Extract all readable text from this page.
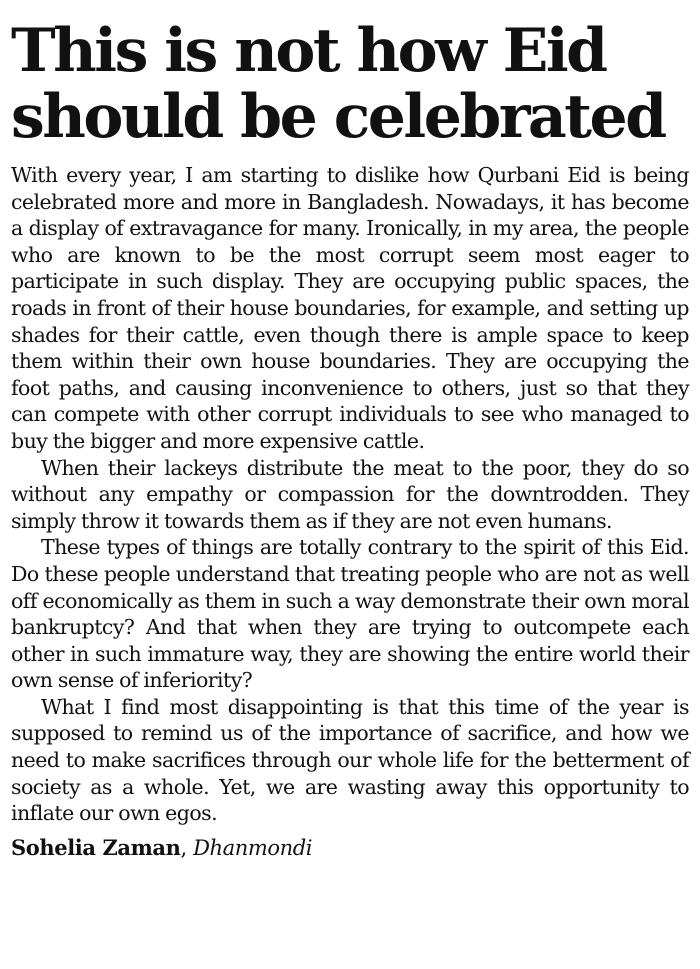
This is not how Eid should be celebrated

With every year, I am starting to dislike how Qurbani Eid is being celebrated more and more in Bangladesh. Nowadays, it has become a display of extravagance for many. Ironically, in my area, the people who are known to be the most corrupt seem most eager to participate in such display. They are occupying public spaces, the roads in front of their house boundaries, for example, and setting up shades for their cattle, even though there is ample space to keep them within their own house boundaries. They are occupying the foot paths, and causing inconvenience to others, just so that they can compete with other corrupt individuals to see who managed to buy the bigger and more expensive cattle.

When their lackeys distribute the meat to the poor, they do so without any empathy or compassion for the downtrodden. They simply throw it towards them as if they are not even humans.

These types of things are totally contrary to the spirit of this Eid. Do these people understand that treating people who are not as well off economically as them in such a way demonstrate their own moral bankruptcy? And that when they are trying to outcompete each other in such immature way, they are showing the entire world their own sense of inferiority?

What I find most disappointing is that this time of the year is supposed to remind us of the importance of sacrifice, and how we need to make sacrifices through our whole life for the betterment of society as a whole. Yet, we are wasting away this opportunity to inflate our own egos.

Sohelia Zaman, Dhanmondi
